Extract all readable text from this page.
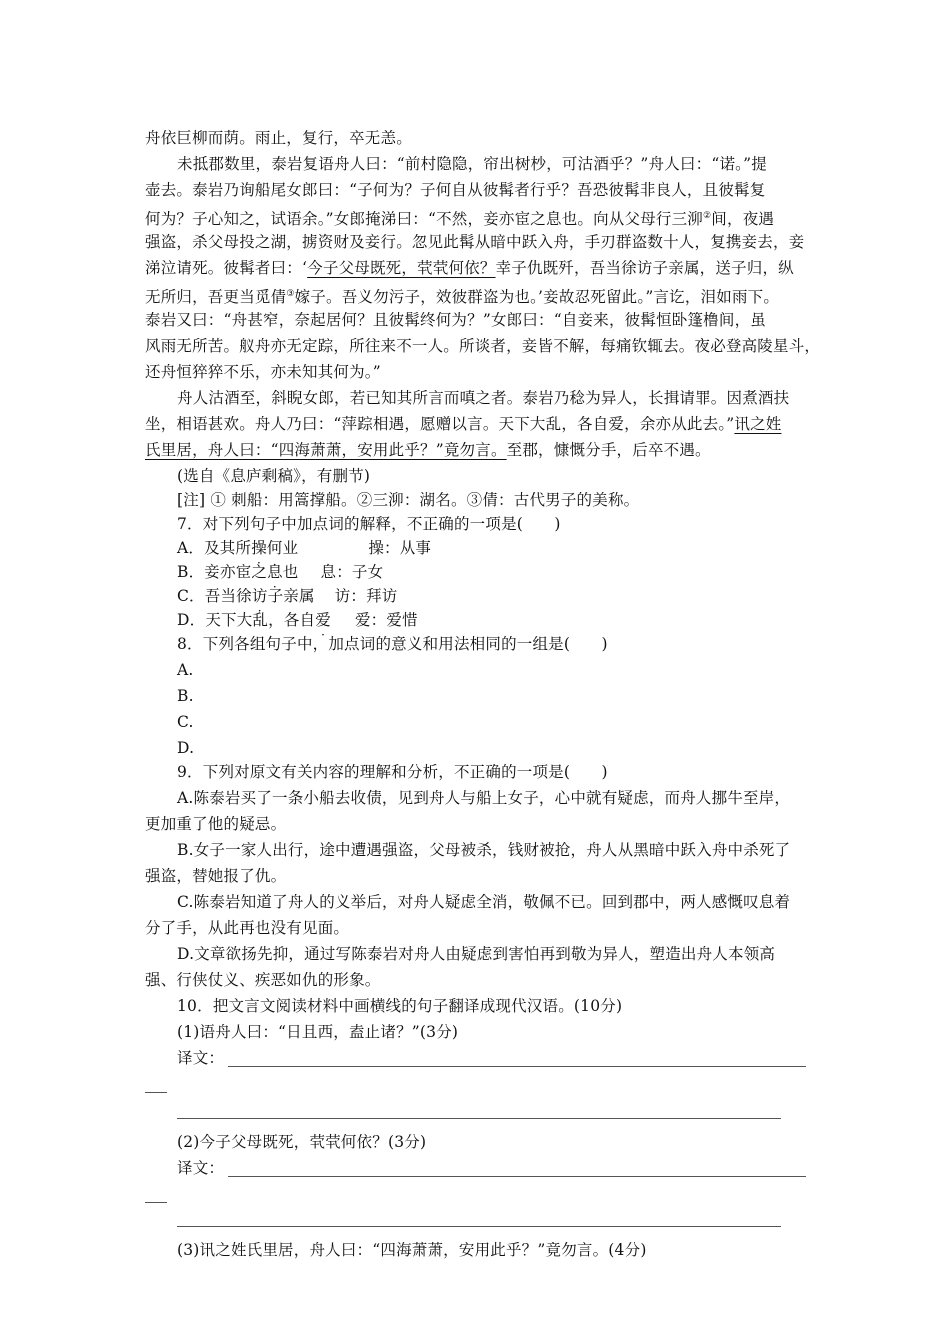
舟依巨柳而荫。雨止，复行，卒无恙。
未抵郡数里，泰岩复语舟人曰：“前村隐隐，帘出树杪，可沽酒乎？”舟人曰：“诺。”提
壶去。泰岩乃询船尾女郎曰：“子何为？子何自从彼髯者行乎？吾恐彼髯非良人，且彼髯复
何为？子心知之，试语余。”女郎掩涕曰：“不然，妾亦宦之息也。向从父母行三泖②间，夜遇
强盗，杀父母投之湖，掳资财及妾行。忽见此髯从暗中跃入舟，手刃群盗数十人，复携妾去，妾
涕泣请死。彼髯者曰：‘今子父母既死，茕茕何依？幸子仇既歼，吾当徐访子亲属，送子归，纵
无所归，吾更当觅倩③嫁子。吾义勿污子，效彼群盗为也。’妾故忍死留此。”言讫，泪如雨下。
泰岩又曰：“舟甚窄，奈起居何？且彼髯终何为？”女郎曰：“自妾来，彼髯恒卧篷橹间，虽
风雨无所苦。舣舟亦无定踪，所往来不一人。所谈者，妾皆不解，每痛钦辄去。夜必登高陵星斗，
还舟恒猝猝不乐，亦未知其何为。”
舟人沽酒至，斜睨女郎，若已知其所言而嗔之者。泰岩乃稔为异人，长揖请罪。因煮酒扶
坐，相语甚欢。舟人乃曰：“萍踪相遇，愿赠以言。天下大乱，各自爱，余亦从此去。”讯之姓
氏里居，舟人曰：“四海萧萧，安用此乎？”竟勿言。至郡，慷慨分手，后卒不遇。
(选自《息庐剩稿》，有删节)
[注] ① 刺船：用篙撑船。②三泖：湖名。③倩：古代男子的美称。
7．对下列句子中加点词的解释，不正确的一项是(　　)
A．及其所操何业	操：从事
B．妾亦宦之息也 息：子女
C．吾当徐访子亲属 访：拜访
D．天下大乱，各自爱 爱：爱惜
8．下列各组句子中，加点词的意义和用法相同的一组是(　　)
A.
B.
C.
D.
9．下列对原文有关内容的理解和分析，不正确的一项是(　　)
A.陈泰岩买了一条小船去收债，见到舟人与船上女子，心中就有疑虑，而舟人挪牛至岸，
更加重了他的疑忌。
B.女子一家人出行，途中遭遇强盗，父母被杀，钱财被抢，舟人从黑暗中跃入舟中杀死了
强盗，替她报了仇。
C.陈泰岩知道了舟人的义举后，对舟人疑虑全消，敬佩不已。回到郡中，两人感慨叹息着
分了手，从此再也没有见面。
D.文章欲扬先抑，通过写陈泰岩对舟人由疑虑到害怕再到敬为异人，塑造出舟人本领高
强、行侠仗义、疾恶如仇的形象。
10．把文言文阅读材料中画横线的句子翻译成现代汉语。(10分)
(1)语舟人曰：“日且西，盍止诸？”(3分)
译文：
(2)今子父母既死，茕茕何依？(3分)
译文：
(3)讯之姓氏里居，舟人曰：“四海萧萧，安用此乎？”竟勿言。(4分)
